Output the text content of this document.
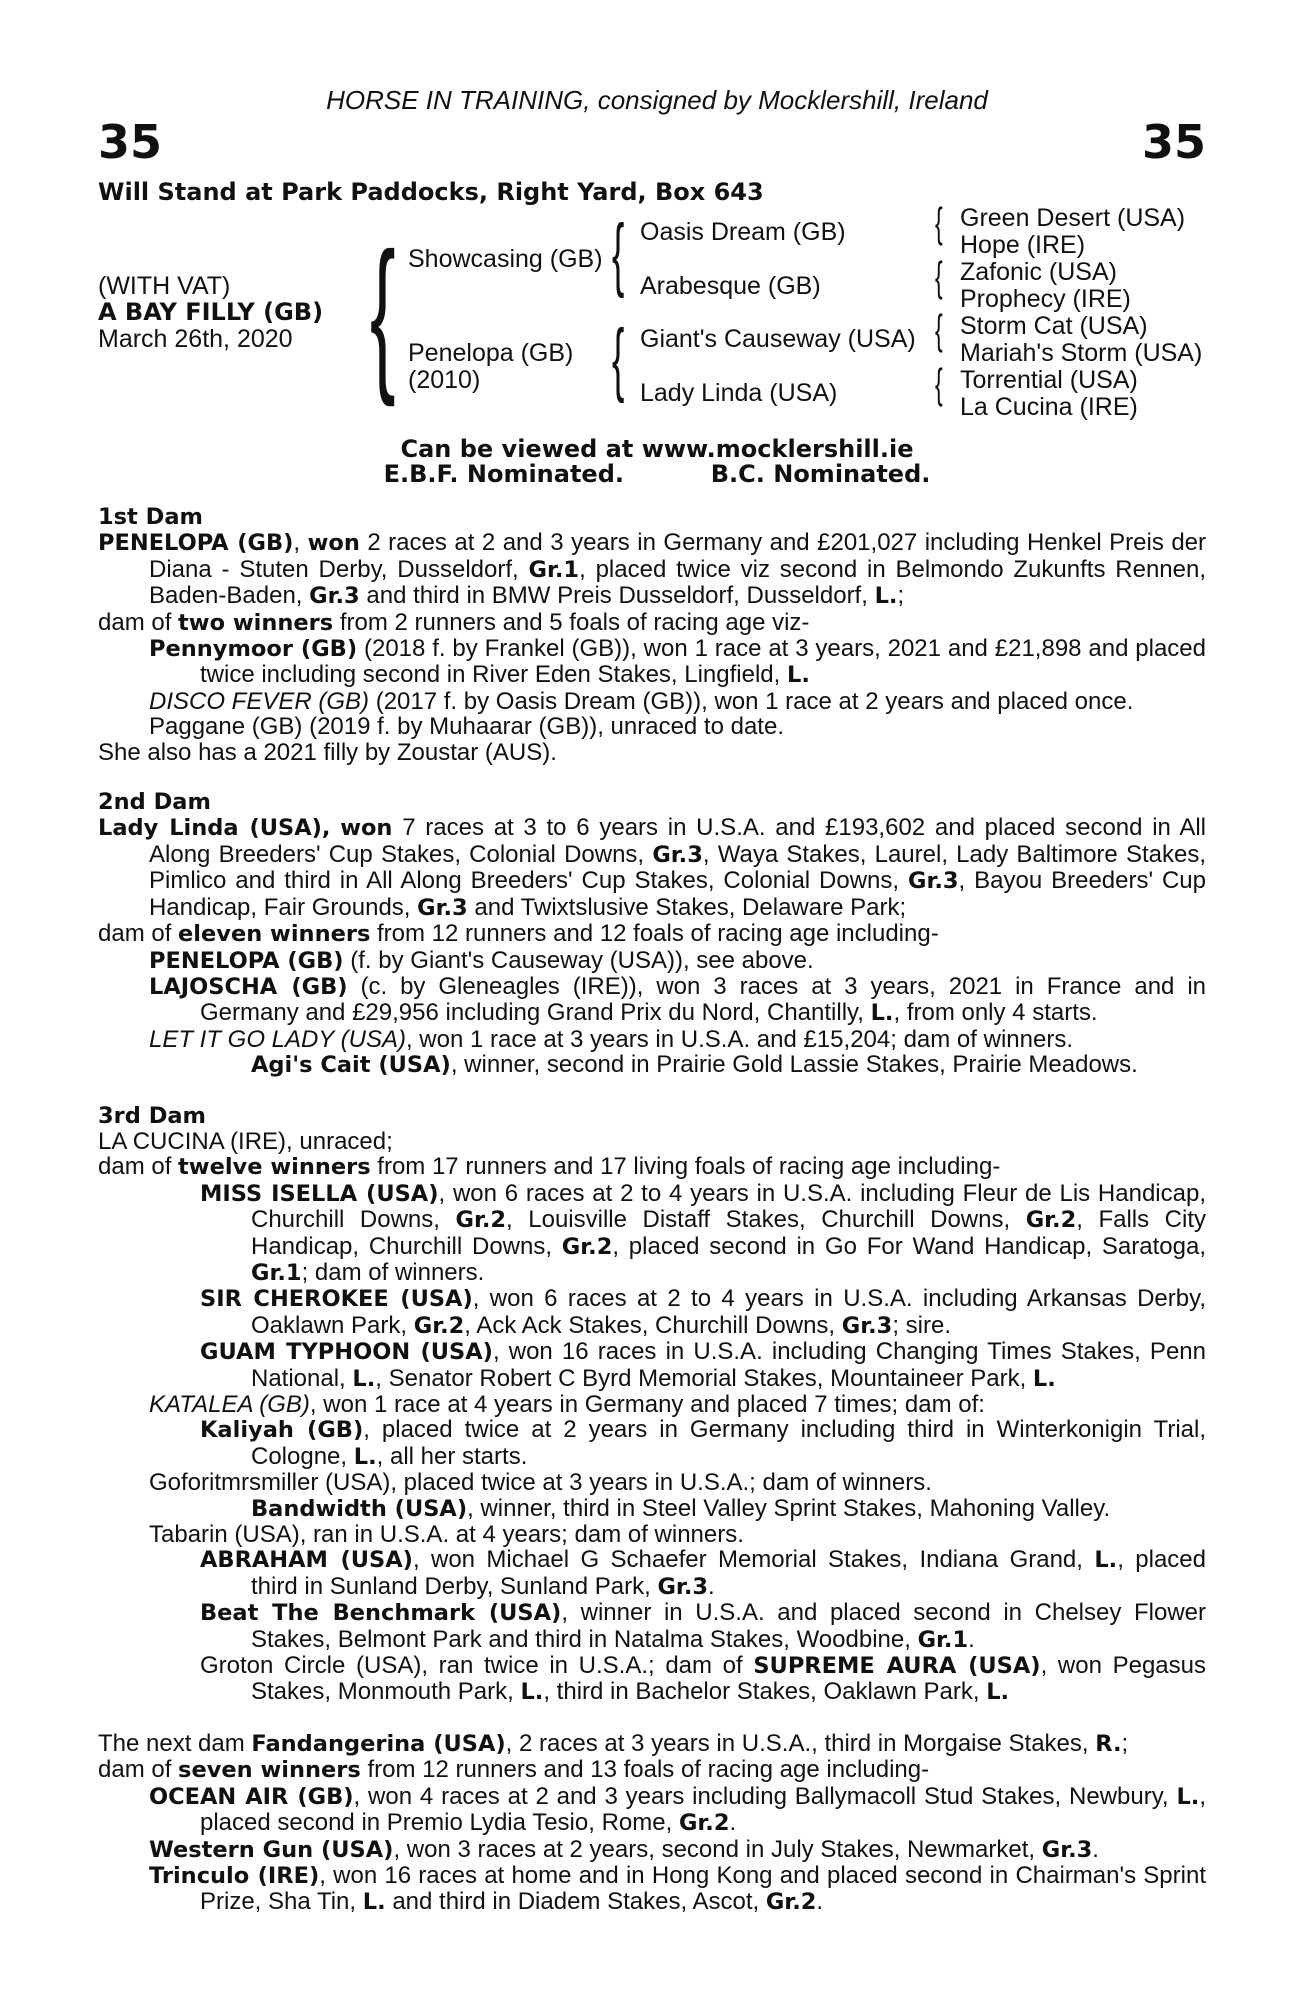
HORSE IN TRAINING, consigned by Mocklershill, Ireland
35	35
Will Stand at Park Paddocks, Right Yard, Box 643
(WITH VAT)
A BAY FILLY (GB)
March 26th, 2020 { Showcasing (GB)
Penelopa (GB)
(2010)
{
{
Oasis Dream (GB)
Arabesque (GB)
Giant's Causeway (USA)
Lady Linda (USA)
{
{
{
{
Green Desert (USA)
Hope (IRE)
Zafonic (USA)
Prophecy (IRE)
Storm Cat (USA)
Mariah's Storm (USA)
Torrential (USA)
La Cucina (IRE)
Can be viewed at www.mocklershill.ie
E.B.F. Nominated.	B.C. Nominated.

1st Dam

PENELOPA (GB), won 2 races at 2 and 3 years in Germany and £201,027 including Henkel Preis der Diana - Stuten Derby, Dusseldorf, Gr.1, placed twice viz second in Belmondo Zukunfts Rennen, Baden-Baden, Gr.3 and third in BMW Preis Dusseldorf, Dusseldorf, L.;

dam of two winners from 2 runners and 5 foals of racing age viz-

Pennymoor (GB) (2018 f. by Frankel (GB)), won 1 race at 3 years, 2021 and £21,898 and placed twice including second in River Eden Stakes, Lingfield, L.

DISCO FEVER (GB) (2017 f. by Oasis Dream (GB)), won 1 race at 2 years and placed once.

Paggane (GB) (2019 f. by Muhaarar (GB)), unraced to date.

She also has a 2021 filly by Zoustar (AUS).

2nd Dam

Lady Linda (USA), won 7 races at 3 to 6 years in U.S.A. and £193,602 and placed second in All Along Breeders' Cup Stakes, Colonial Downs, Gr.3, Waya Stakes, Laurel, Lady Baltimore Stakes, Pimlico and third in All Along Breeders' Cup Stakes, Colonial Downs, Gr.3, Bayou Breeders' Cup Handicap, Fair Grounds, Gr.3 and Twixtslusive Stakes, Delaware Park;

dam of eleven winners from 12 runners and 12 foals of racing age including-

PENELOPA (GB) (f. by Giant's Causeway (USA)), see above.

LAJOSCHA (GB) (c. by Gleneagles (IRE)), won 3 races at 3 years, 2021 in France and in Germany and £29,956 including Grand Prix du Nord, Chantilly, L., from only 4 starts.

LET IT GO LADY (USA), won 1 race at 3 years in U.S.A. and £15,204; dam of winners.

Agi's Cait (USA), winner, second in Prairie Gold Lassie Stakes, Prairie Meadows.

3rd Dam

LA CUCINA (IRE), unraced;

dam of twelve winners from 17 runners and 17 living foals of racing age including-

MISS ISELLA (USA), won 6 races at 2 to 4 years in U.S.A. including Fleur de Lis Handicap, Churchill Downs, Gr.2, Louisville Distaff Stakes, Churchill Downs, Gr.2, Falls City Handicap, Churchill Downs, Gr.2, placed second in Go For Wand Handicap, Saratoga, Gr.1; dam of winners.

SIR CHEROKEE (USA), won 6 races at 2 to 4 years in U.S.A. including Arkansas Derby, Oaklawn Park, Gr.2, Ack Ack Stakes, Churchill Downs, Gr.3; sire.

GUAM TYPHOON (USA), won 16 races in U.S.A. including Changing Times Stakes, Penn National, L., Senator Robert C Byrd Memorial Stakes, Mountaineer Park, L.

KATALEA (GB), won 1 race at 4 years in Germany and placed 7 times; dam of:

Kaliyah (GB), placed twice at 2 years in Germany including third in Winterkonigin Trial, Cologne, L., all her starts.

Goforitmrsmiller (USA), placed twice at 3 years in U.S.A.; dam of winners.

Bandwidth (USA), winner, third in Steel Valley Sprint Stakes, Mahoning Valley.

Tabarin (USA), ran in U.S.A. at 4 years; dam of winners.

ABRAHAM (USA), won Michael G Schaefer Memorial Stakes, Indiana Grand, L., placed third in Sunland Derby, Sunland Park, Gr.3.

Beat The Benchmark (USA), winner in U.S.A. and placed second in Chelsey Flower Stakes, Belmont Park and third in Natalma Stakes, Woodbine, Gr.1.

Groton Circle (USA), ran twice in U.S.A.; dam of SUPREME AURA (USA), won Pegasus Stakes, Monmouth Park, L., third in Bachelor Stakes, Oaklawn Park, L.

The next dam Fandangerina (USA), 2 races at 3 years in U.S.A., third in Morgaise Stakes, R.;

dam of seven winners from 12 runners and 13 foals of racing age including-

OCEAN AIR (GB), won 4 races at 2 and 3 years including Ballymacoll Stud Stakes, Newbury, L., placed second in Premio Lydia Tesio, Rome, Gr.2.

Western Gun (USA), won 3 races at 2 years, second in July Stakes, Newmarket, Gr.3.

Trinculo (IRE), won 16 races at home and in Hong Kong and placed second in Chairman's Sprint Prize, Sha Tin, L. and third in Diadem Stakes, Ascot, Gr.2.
